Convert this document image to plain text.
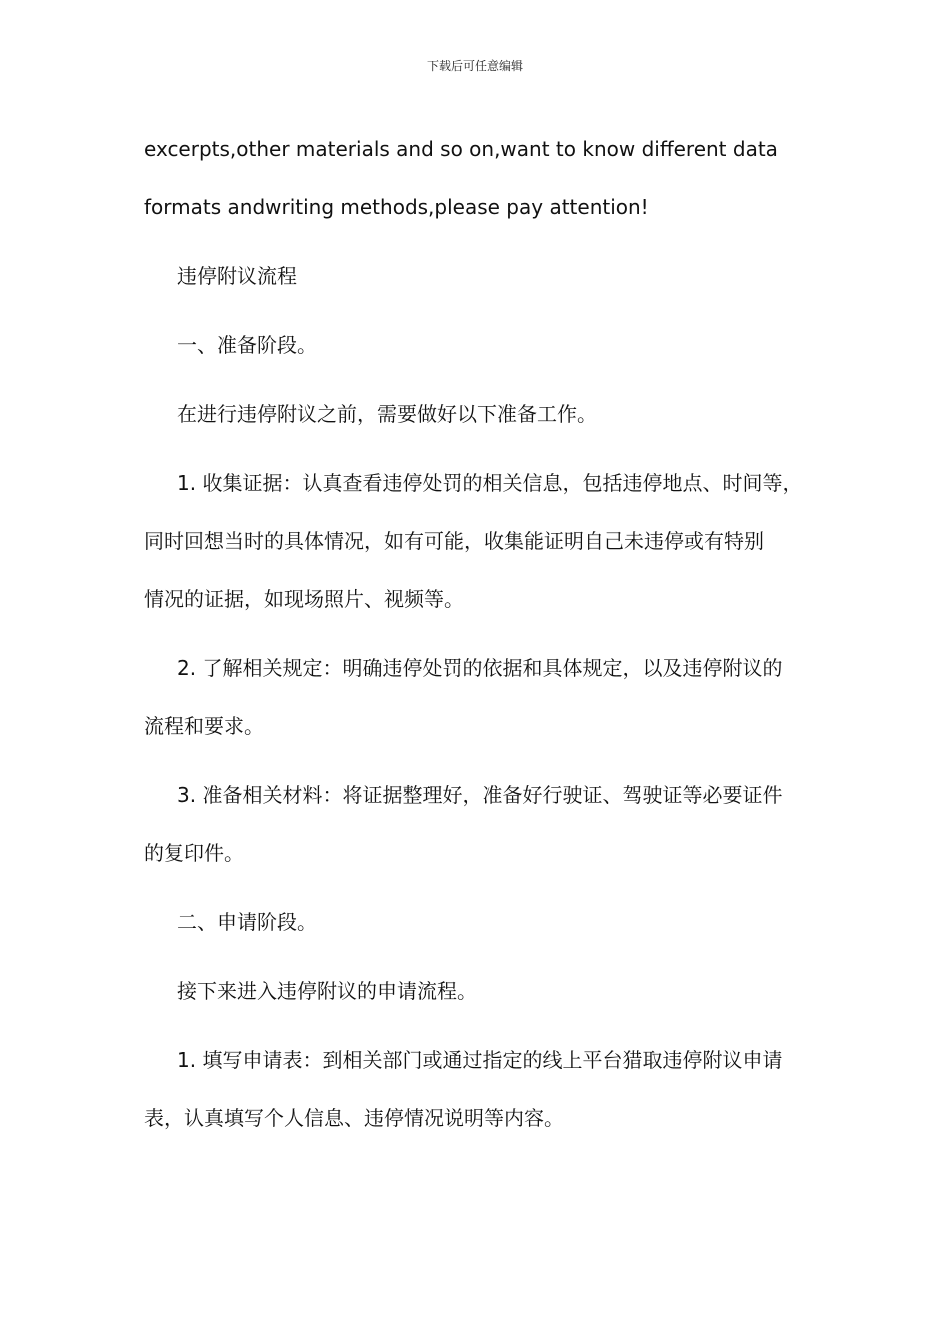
下载后可任意编辑
excerpts,other materials and so on,want to know different data
formats andwriting methods,please pay attention!
违停附议流程
一、准备阶段。
在进行违停附议之前，需要做好以下准备工作。
1. 收集证据：认真查看违停处罚的相关信息，包括违停地点、时间等，
同时回想当时的具体情况，如有可能，收集能证明自己未违停或有特别
情况的证据，如现场照片、视频等。
2. 了解相关规定：明确违停处罚的依据和具体规定，以及违停附议的
流程和要求。
3. 准备相关材料：将证据整理好，准备好行驶证、驾驶证等必要证件
的复印件。
二、申请阶段。
接下来进入违停附议的申请流程。
1. 填写申请表：到相关部门或通过指定的线上平台猎取违停附议申请
表，认真填写个人信息、违停情况说明等内容。
